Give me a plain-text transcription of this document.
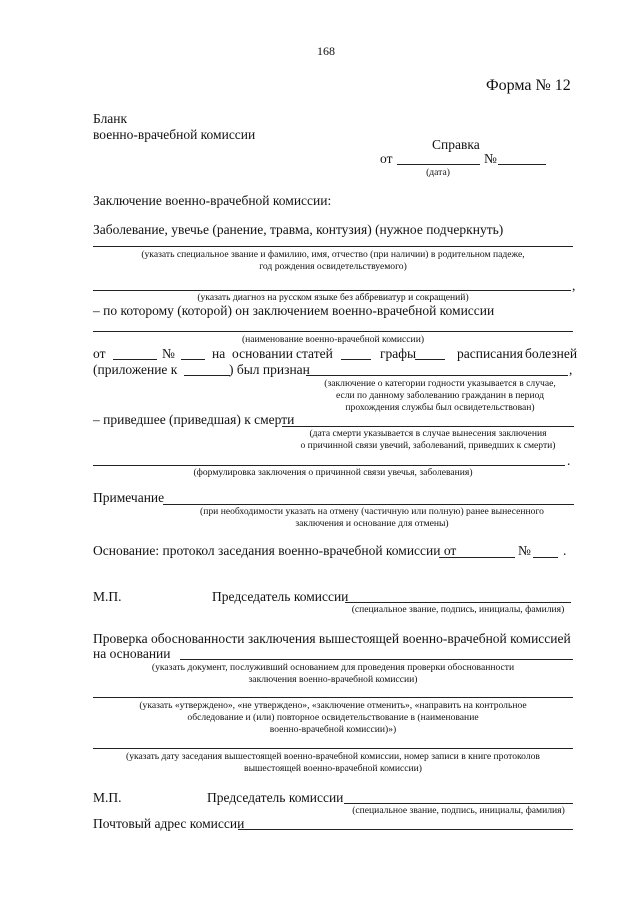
168
Форма № 12
Бланк
военно-врачебной комиссии
Справка
от	№
(дата)
Заключение военно-врачебной комиссии:
Заболевание, увечье (ранение, травма, контузия) (нужное подчеркнуть)
(указать специальное звание и фамилию, имя, отчество (при наличии) в родительном падеже,
год рождения освидетельствуемого)
,
(указать диагноз на русском языке без аббревиатур и сокращений)
– по которому (которой) он заключением военно-врачебной комиссии
(наименование военно-врачебной комиссии)
от	№	на основании статей	графы	расписания болезней
(приложение к	) был признан	,
(заключение о категории годности указывается в случае,
если по данному заболеванию гражданин в период
прохождения службы был освидетельствован)
– приведшее (приведшая) к смерти
(дата смерти указывается в случае вынесения заключения
о причинной связи увечий, заболеваний, приведших к смерти)
.
(формулировка заключения о причинной связи увечья, заболевания)
Примечание
(при необходимости указать на отмену (частичную или полную) ранее вынесенного
заключения и основание для отмены)
Основание: протокол заседания военно-врачебной комиссии от	№ .
М.П.	Председатель комиссии
(специальное звание, подпись, инициалы, фамилия)
Проверка обоснованности заключения вышестоящей военно-врачебной комиссией
на основании
(указать документ, послуживший основанием для проведения проверки обоснованности
заключения военно-врачебной комиссии)
(указать «утверждено», «не утверждено», «заключение отменить», «направить на контрольное
обследование и (или) повторное освидетельствование в (наименование
военно-врачебной комиссии)»)
(указать дату заседания вышестоящей военно-врачебной комиссии, номер записи в книге протоколов
вышестоящей военно-врачебной комиссии)
М.П.	Председатель комиссии
(специальное звание, подпись, инициалы, фамилия)
Почтовый адрес комиссии
